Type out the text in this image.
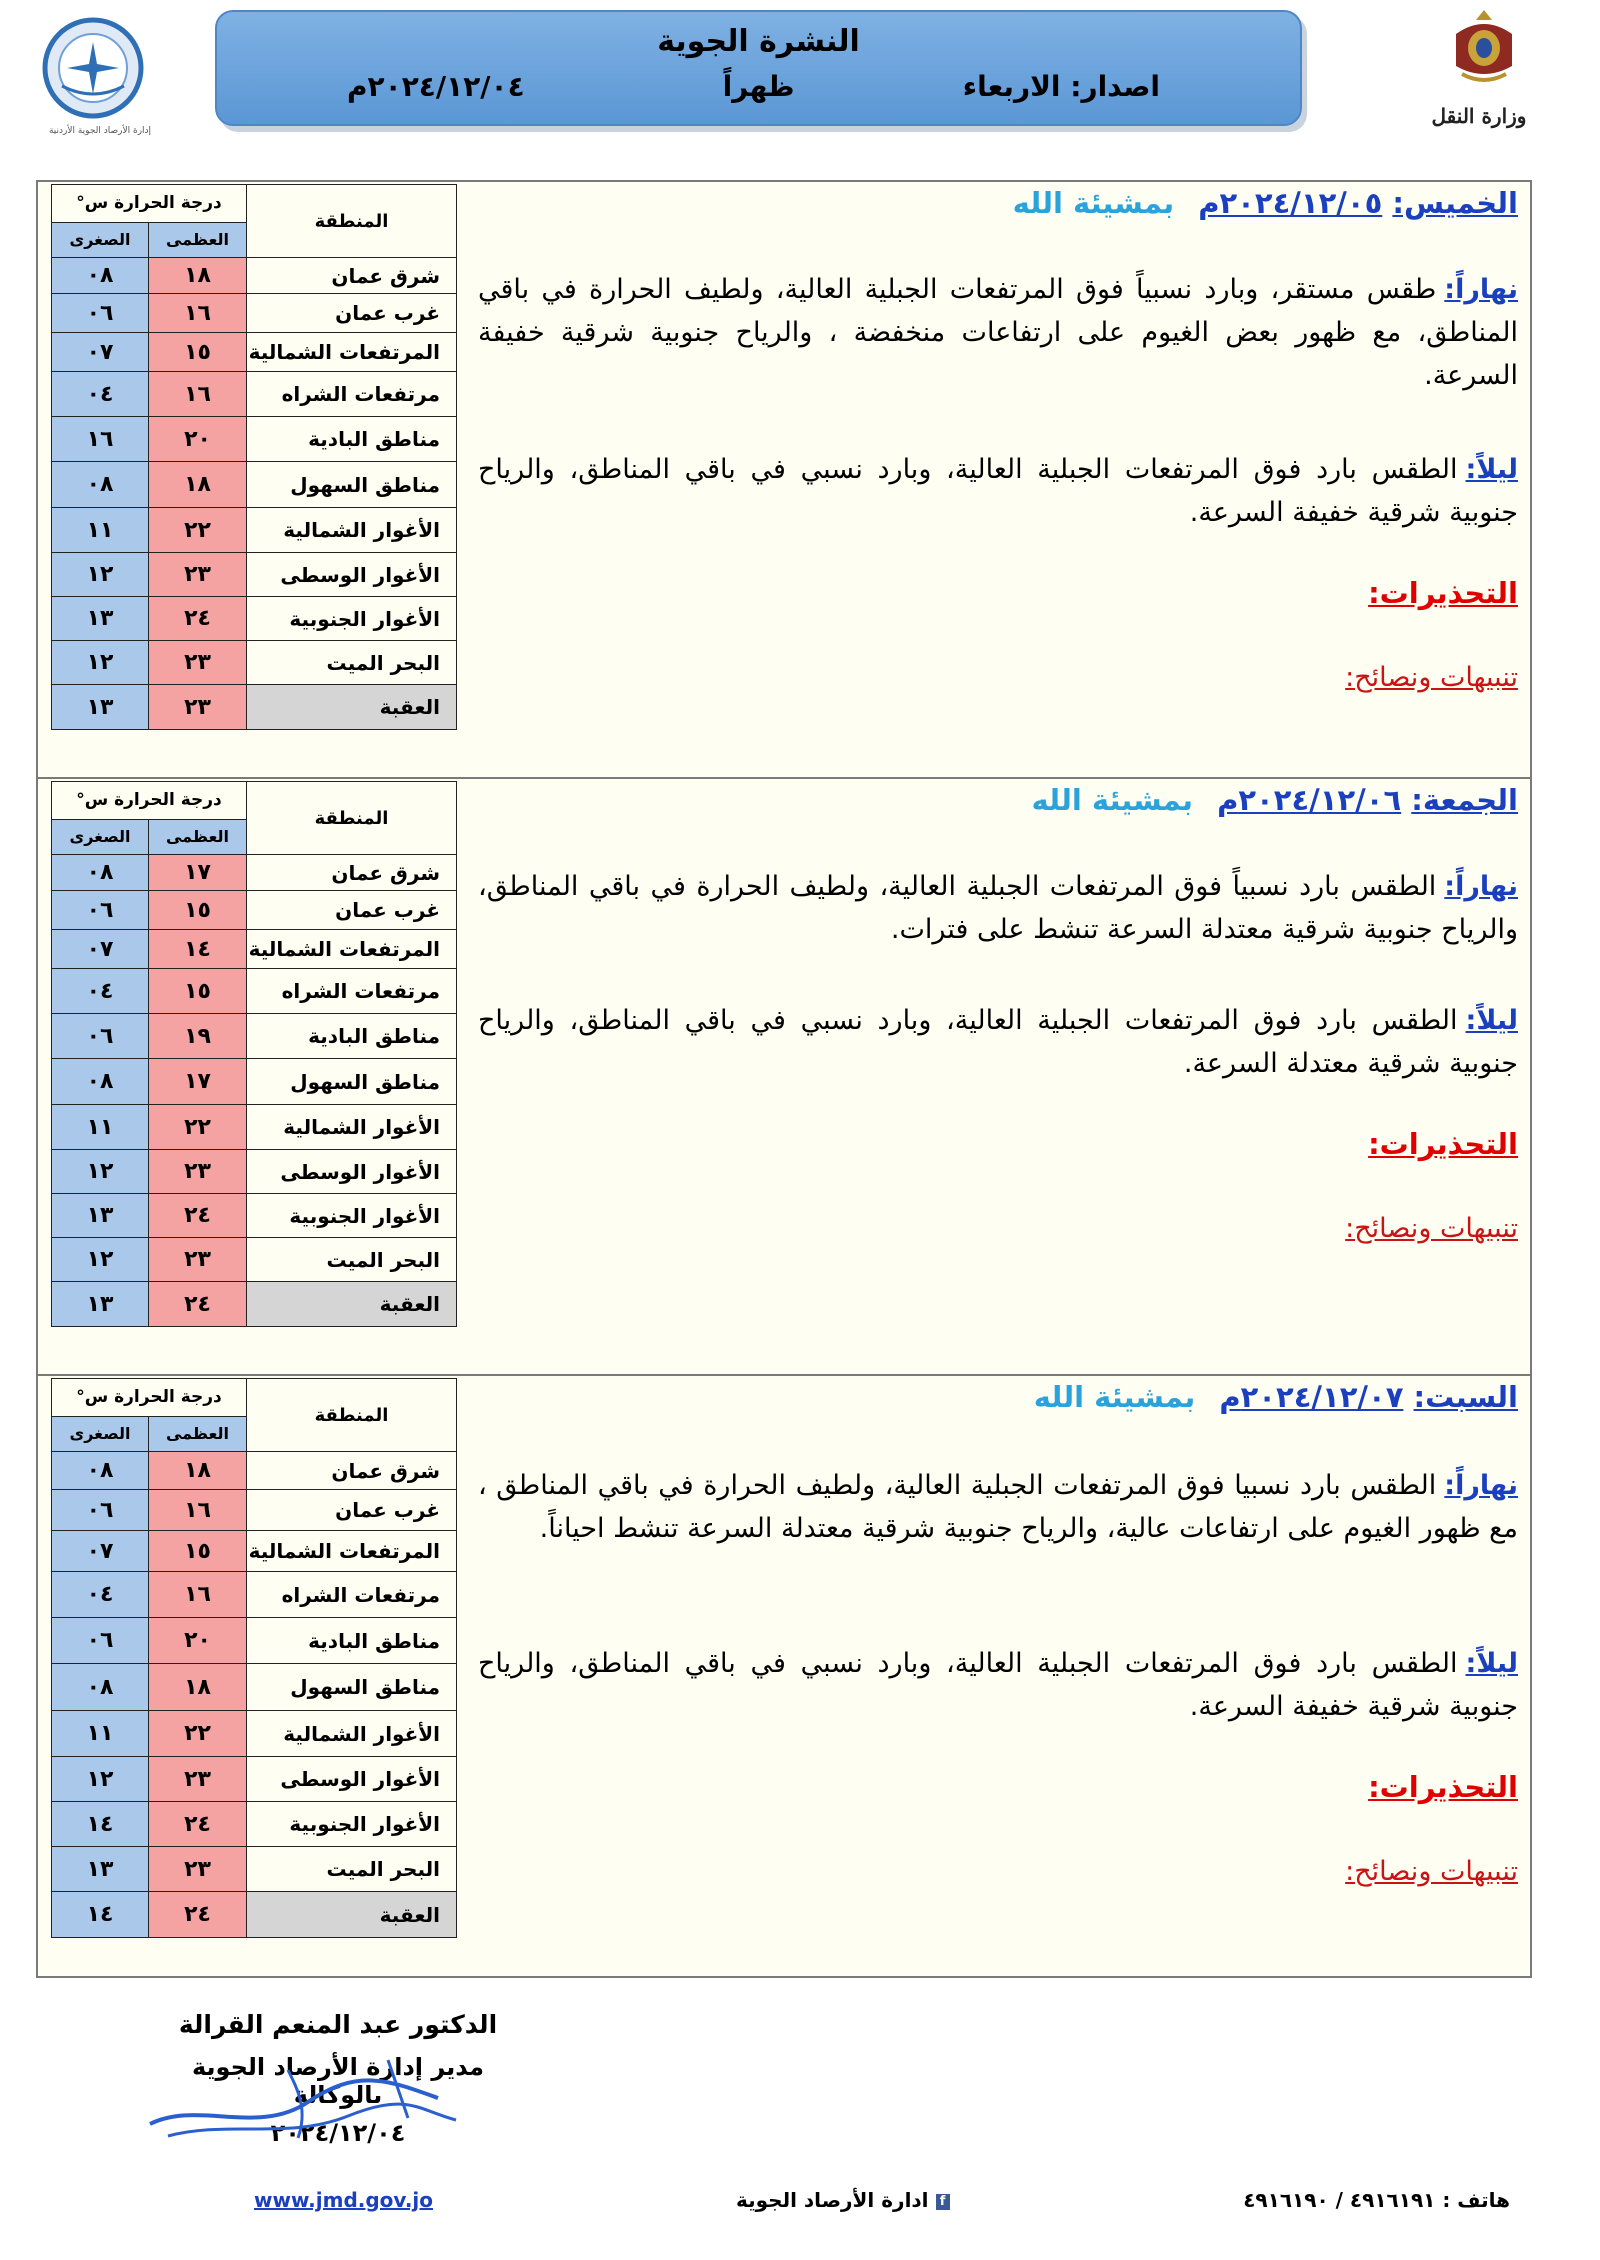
وزارة النقل
النشرة الجوية
اصدار: الاربعاء
ظهراً
٢٠٢٤/١٢/٠٤م
إدارة الأرصاد الجوية الأردنية
الخميس: ٢٠٢٤/١٢/٠٥م بمشيئة الله
نهاراً:طقس مستقر، وبارد نسبياً فوق المرتفعات الجبلية العالية، ولطيف الحرارة في باقي المناطق، مع ظهور بعض الغيوم على ارتفاعات منخفضة ، والرياح جنوبية شرقية خفيفة السرعة.
ليلاً:الطقس بارد فوق المرتفعات الجبلية العالية، وبارد نسبي في باقي المناطق، والرياح جنوبية شرقية خفيفة السرعة.
التحذيرات:
تنبيهات ونصائح:
المنطقة	درجة الحرارة س°	
	العظمى	الصغرى
شرق عمان	١٨	٠٨
غرب عمان	١٦	٠٦
المرتفعات الشمالية	١٥	٠٧
مرتفعات الشراه	١٦	٠٤
مناطق البادية	٢٠	١٦
مناطق السهول	١٨	٠٨
الأغوار الشمالية	٢٢	١١
الأغوار الوسطى	٢٣	١٢
الأغوار الجنوبية	٢٤	١٣
البحر الميت	٢٣	١٢
العقبة	٢٣	١٣
الجمعة: ٢٠٢٤/١٢/٠٦م بمشيئة الله
نهاراً:الطقس بارد نسبياً فوق المرتفعات الجبلية العالية، ولطيف الحرارة في باقي المناطق، والرياح جنوبية شرقية معتدلة السرعة تنشط على فترات.
ليلاً:الطقس بارد فوق المرتفعات الجبلية العالية، وبارد نسبي في باقي المناطق، والرياح جنوبية شرقية معتدلة السرعة.
التحذيرات:
تنبيهات ونصائح:
المنطقة	درجة الحرارة س°	
	العظمى	الصغرى
شرق عمان	١٧	٠٨
غرب عمان	١٥	٠٦
المرتفعات الشمالية	١٤	٠٧
مرتفعات الشراه	١٥	٠٤
مناطق البادية	١٩	٠٦
مناطق السهول	١٧	٠٨
الأغوار الشمالية	٢٢	١١
الأغوار الوسطى	٢٣	١٢
الأغوار الجنوبية	٢٤	١٣
البحر الميت	٢٣	١٢
العقبة	٢٤	١٣
السبت: ٢٠٢٤/١٢/٠٧م بمشيئة الله
نهاراً:الطقس بارد نسبيا فوق المرتفعات الجبلية العالية، ولطيف الحرارة في باقي المناطق ، مع ظهور الغيوم على ارتفاعات عالية، والرياح جنوبية شرقية معتدلة السرعة تنشط احياناً.
ليلاً:الطقس بارد فوق المرتفعات الجبلية العالية، وبارد نسبي في باقي المناطق، والرياح جنوبية شرقية خفيفة السرعة.
التحذيرات:
تنبيهات ونصائح:
المنطقة	درجة الحرارة س°	
	العظمى	الصغرى
شرق عمان	١٨	٠٨
غرب عمان	١٦	٠٦
المرتفعات الشمالية	١٥	٠٧
مرتفعات الشراه	١٦	٠٤
مناطق البادية	٢٠	٠٦
مناطق السهول	١٨	٠٨
الأغوار الشمالية	٢٢	١١
الأغوار الوسطى	٢٣	١٢
الأغوار الجنوبية	٢٤	١٤
البحر الميت	٢٣	١٣
العقبة	٢٤	١٤
الدكتور عبد المنعم القرالة
مدير إدارة الأرصاد الجوية بالوكالة
٢٠٢٤/١٢/٠٤
هاتف : ٤٩١٦١٩١ / ٤٩١٦١٩٠
f ادارة الأرصاد الجوية
www.jmd.gov.jo
